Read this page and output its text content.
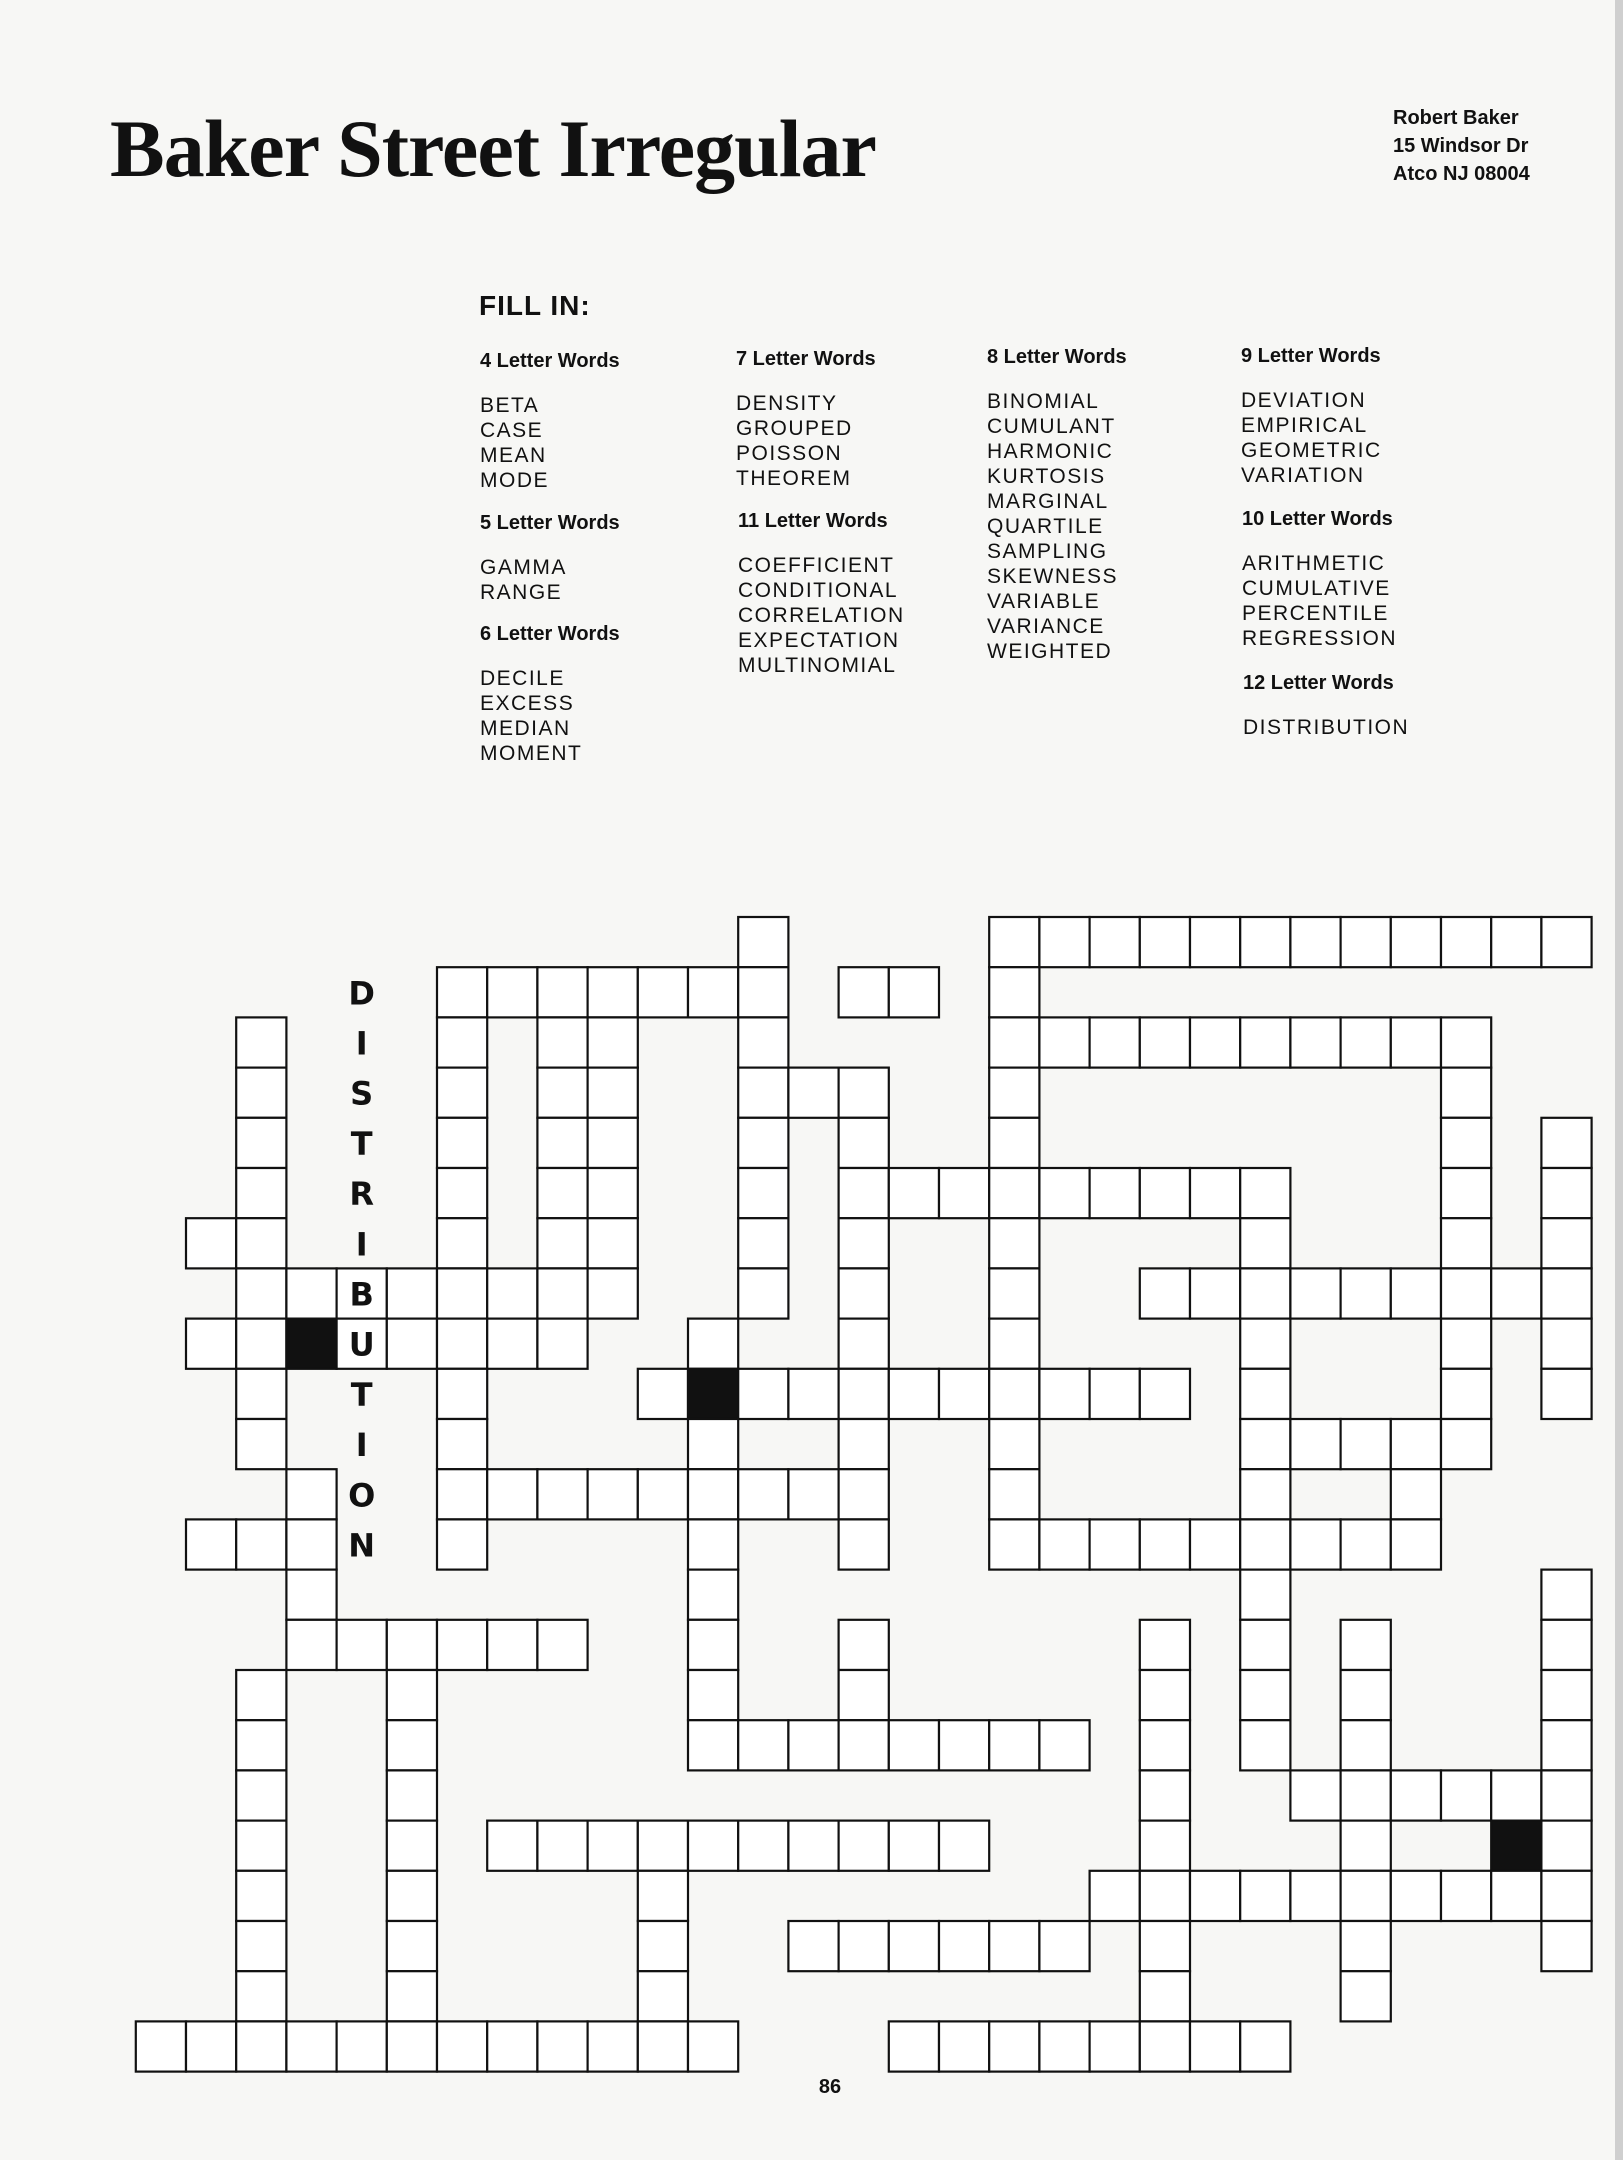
Baker Street Irregular	Robert Baker
15 Windsor Dr
Atco NJ 08004
FILL IN:
4 Letter Words
BETA
CASE
MEAN
MODE
5 Letter Words
GAMMA
RANGE
6 Letter Words
DECILE
EXCESS
MEDIAN
MOMENT
7 Letter Words
DENSITY
GROUPED
POISSON
THEOREM
11 Letter Words
COEFFICIENT
CONDITIONAL
CORRELATION
EXPECTATION
MULTINOMIAL
8 Letter Words
BINOMIAL
CUMULANT
HARMONIC
KURTOSIS
MARGINAL
QUARTILE
SAMPLING
SKEWNESS
VARIABLE
VARIANCE
WEIGHTED
9 Letter Words
DEVIATION
EMPIRICAL
GEOMETRIC
VARIATION
10 Letter Words
ARITHMETIC
CUMULATIVE
PERCENTILE
REGRESSION
12 Letter Words
DISTRIBUTION
D
I
S
T
R
I
B
U
T
I
O
N
86
